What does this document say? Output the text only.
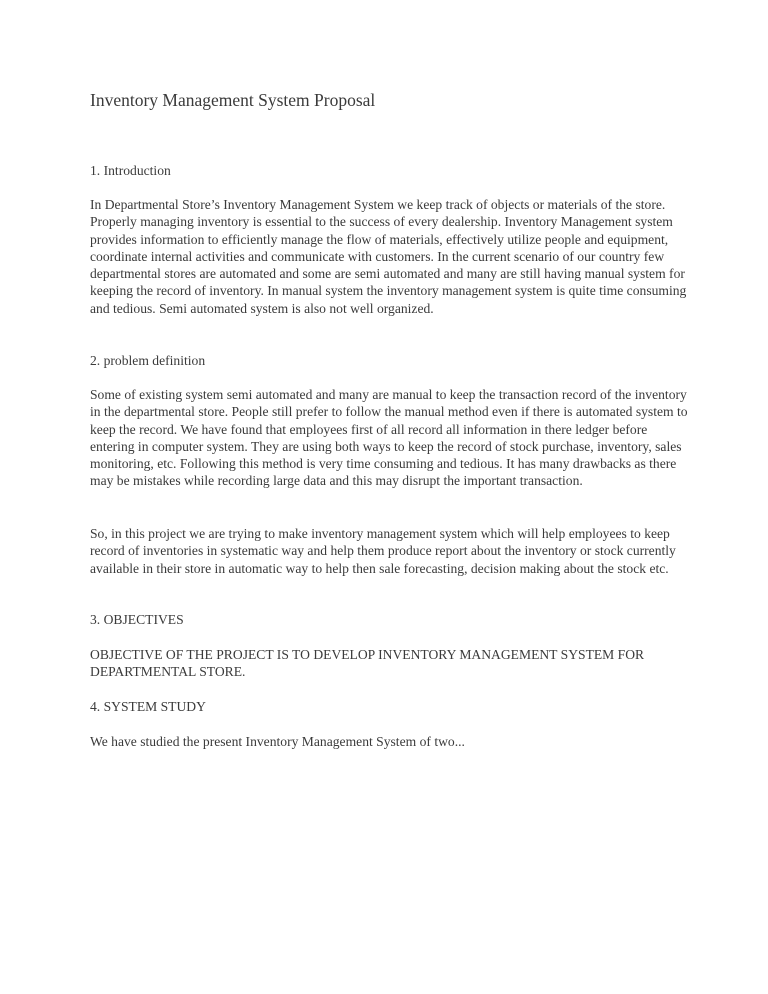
Inventory Management System Proposal

1. Introduction

In Departmental Store’s Inventory Management System we keep track of objects or materials of the store. Properly managing inventory is essential to the success of every dealership. Inventory Management system provides information to efficiently manage the flow of materials, effectively utilize people and equipment, coordinate internal activities and communicate with customers. In the current scenario of our country few departmental stores are automated and some are semi automated and many are still having manual system for keeping the record of inventory. In manual system the inventory management system is quite time consuming and tedious. Semi automated system is also not well organized.

2. problem definition

Some of existing system semi automated and many are manual to keep the transaction record of the inventory in the departmental store. People still prefer to follow the manual method even if there is automated system to keep the record. We have found that employees first of all record all information in there ledger before entering in computer system. They are using both ways to keep the record of stock purchase, inventory, sales monitoring, etc. Following this method is very time consuming and tedious. It has many drawbacks as there may be mistakes while recording large data and this may disrupt the important transaction.

So, in this project we are trying to make inventory management system which will help employees to keep record of inventories in systematic way and help them produce report about the inventory or stock currently available in their store in automatic way to help then sale forecasting, decision making about the stock etc.

3. OBJECTIVES

OBJECTIVE OF THE PROJECT IS TO DEVELOP INVENTORY MANAGEMENT SYSTEM FOR DEPARTMENTAL STORE.

4. SYSTEM STUDY

We have studied the present Inventory Management System of two...
